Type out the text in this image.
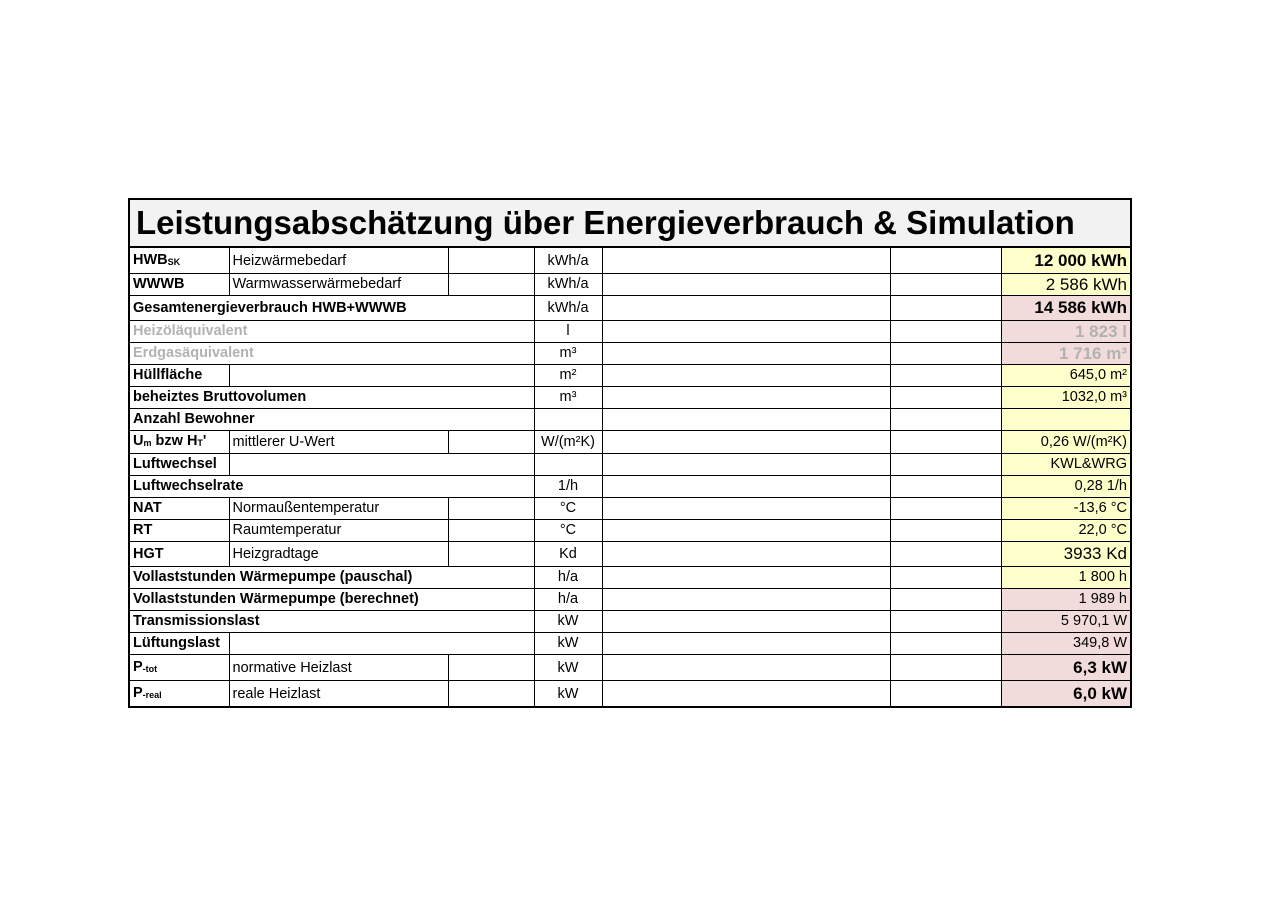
Leistungsabschätzung über Energieverbrauch & Simulation
$HWB_{SK}$	Heizwärmebedarf		kWh/a			12 000 kWh
WWWB	Warmwasserwärmebedarf		kWh/a			2 586 kWh
Gesamtenergieverbrauch HWB+WWWB			kWh/a			14 586 kWh
Heizöläquivalent			l			1 823 l
Erdgasäquivalent			m³			1 716 m³
Hüllfläche			m²			645,0 m²
beheiztes Bruttovolumen			m³			1032,0 m³
Anzahl Bewohner						
$U_m$ bzw $H_T'$	mittlerer U-Wert		W/(m²K)			0,26 W/(m²K)
Luftwechsel						KWL&WRG
Luftwechselrate			1/h			0,28 1/h
NAT	Normaußentemperatur		°C			-13,6 °C
RT	Raumtemperatur		°C			22,0 °C
HGT	Heizgradtage		Kd			3933 Kd
Vollaststunden Wärmepumpe (pauschal)			h/a			1 800 h
Vollaststunden Wärmepumpe (berechnet)			h/a			1 989 h
Transmissionslast			kW			5 970,1 W
Lüftungslast			kW			349,8 W
$P_{-tot}$	normative Heizlast		kW			6,3 kW
$P_{-real}$	reale Heizlast		kW			6,0 kW
